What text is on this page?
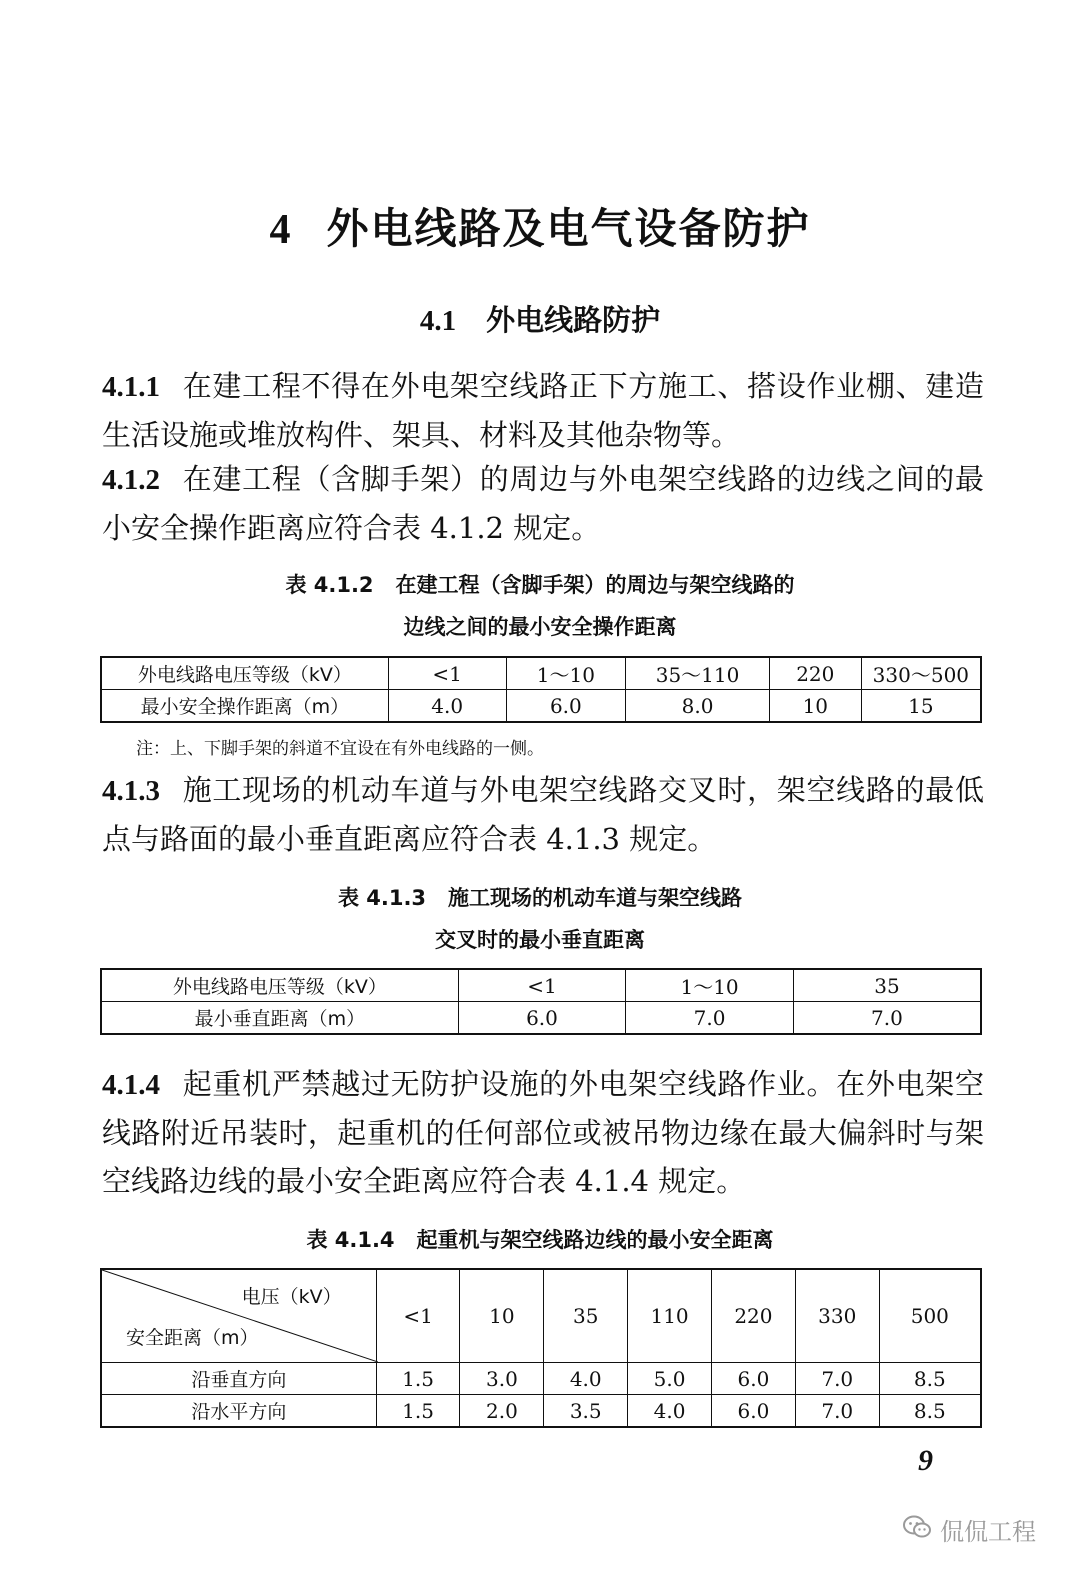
4 外电线路及电气设备防护
4.1 外电线路防护
4.1.1 在建工程不得在外电架空线路正下方施工、搭设作业棚、建造生活设施或堆放构件、架具、材料及其他杂物等。
4.1.2 在建工程（含脚手架）的周边与外电架空线路的边线之间的最小安全操作距离应符合表 4.1.2 规定。
表 4.1.2 在建工程（含脚手架）的周边与架空线路的
边线之间的最小安全操作距离
外电线路电压等级（kV）	<1	1～10	35～110	220	330～500
最小安全操作距离（m）	4.0	6.0	8.0	10	15
注：上、下脚手架的斜道不宜设在有外电线路的一侧。
4.1.3 施工现场的机动车道与外电架空线路交叉时，架空线路的最低点与路面的最小垂直距离应符合表 4.1.3 规定。
表 4.1.3 施工现场的机动车道与架空线路
交叉时的最小垂直距离
外电线路电压等级（kV）	<1	1～10	35
最小垂直距离（m）	6.0	7.0	7.0
4.1.4 起重机严禁越过无防护设施的外电架空线路作业。在外电架空线路附近吊装时，起重机的任何部位或被吊物边缘在最大偏斜时与架空线路边线的最小安全距离应符合表 4.1.4 规定。
表 4.1.4 起重机与架空线路边线的最小安全距离
电压（kV）
安全距离（m）	<1	10	35	110	220	330	500
沿垂直方向	1.5	3.0	4.0	5.0	6.0	7.0	8.5
沿水平方向	1.5	2.0	3.5	4.0	6.0	7.0	8.5
9
侃侃工程
